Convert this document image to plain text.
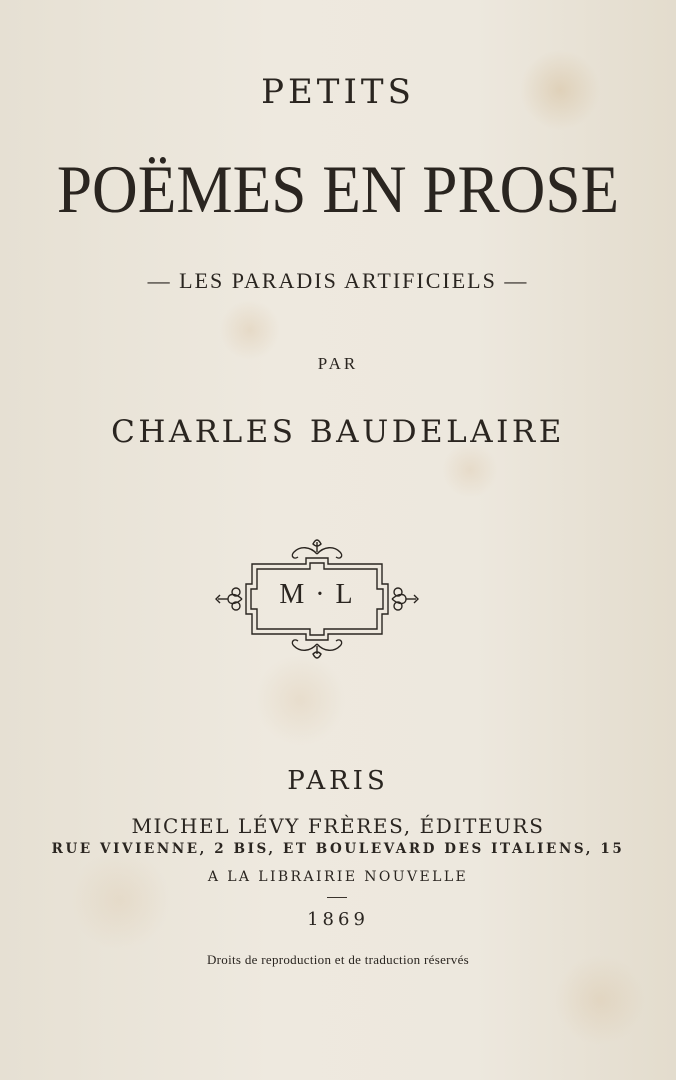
PETITS
POËMES EN PROSE
— LES PARADIS ARTIFICIELS —
PAR
CHARLES BAUDELAIRE
M · L
PARIS
MICHEL LÉVY FRÈRES, ÉDITEURS
RUE VIVIENNE, 2 BIS, ET BOULEVARD DES ITALIENS, 15
A LA LIBRAIRIE NOUVELLE
1869
Droits de reproduction et de traduction réservés
